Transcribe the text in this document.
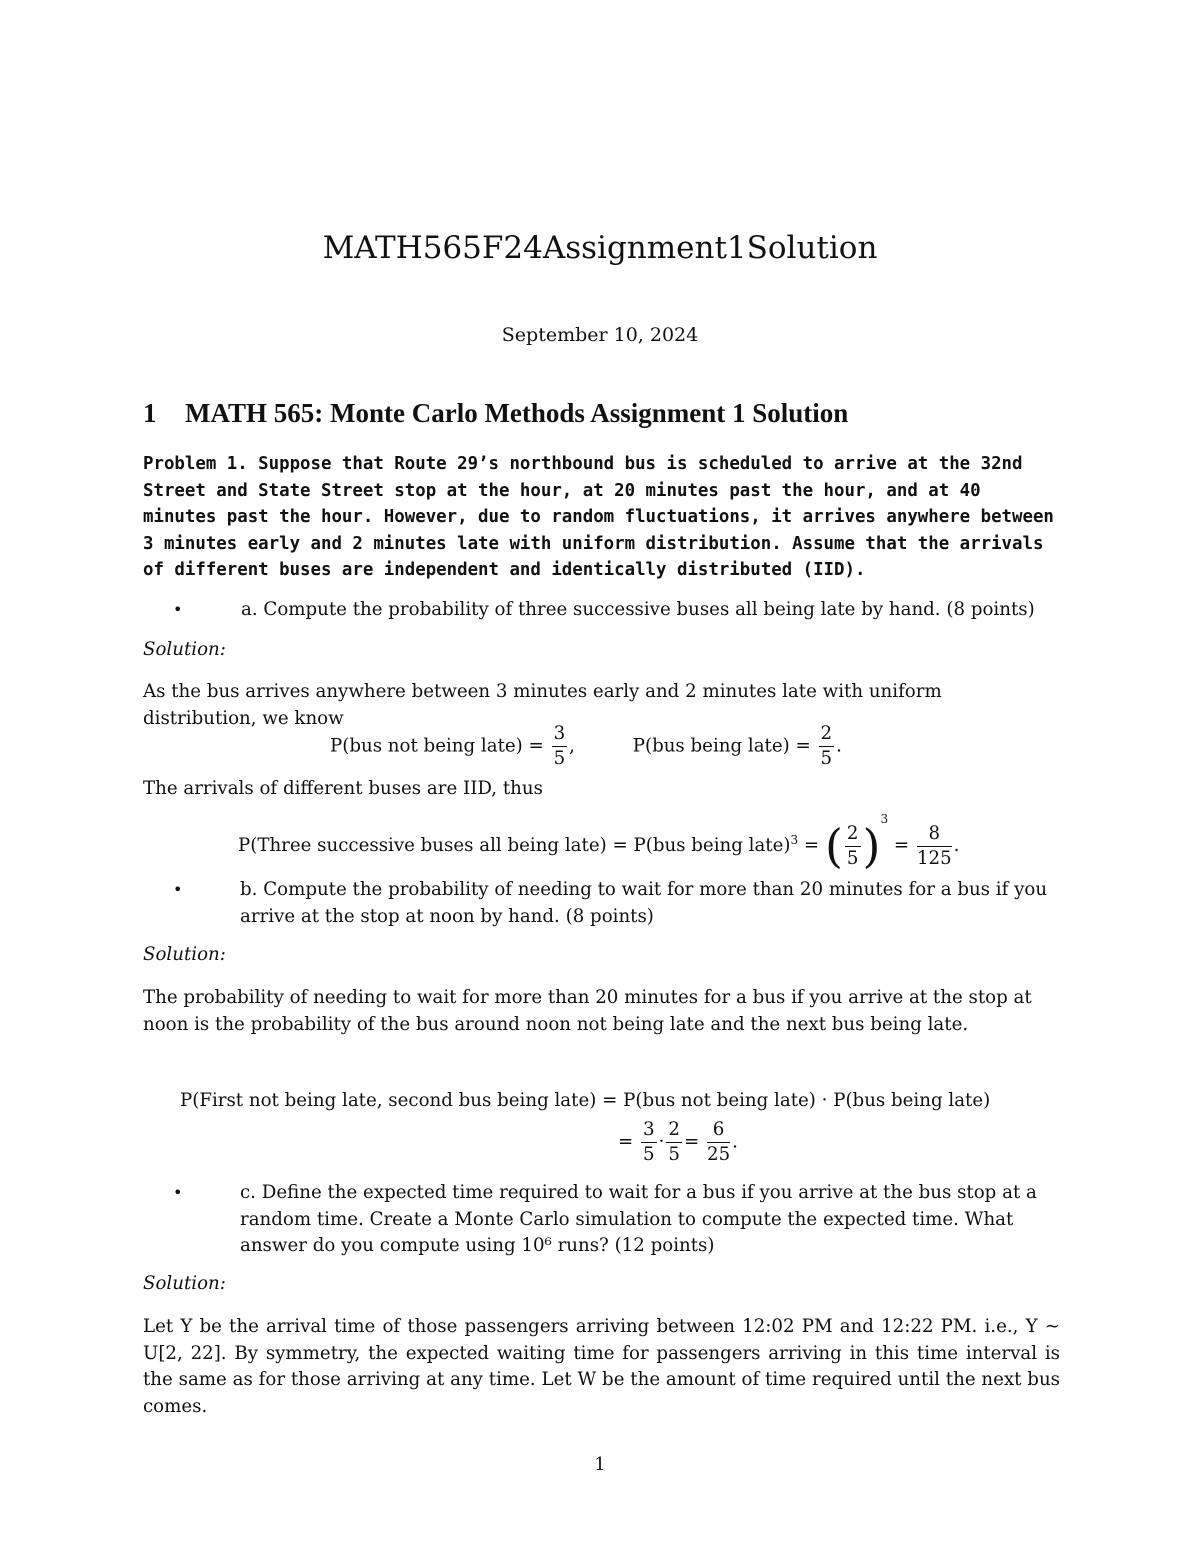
MATH565F24Assignment1Solution
September 10, 2024
1 MATH 565: Monte Carlo Methods Assignment 1 Solution
Problem 1. Suppose that Route 29’s northbound bus is scheduled to arrive at the 32nd Street and State Street stop at the hour, at 20 minutes past the hour, and at 40 minutes past the hour. However, due to random fluctuations, it arrives anywhere between 3 minutes early and 2 minutes late with uniform distribution. Assume that the arrivals of different buses are independent and identically distributed (IID).
•	a. Compute the probability of three successive buses all being late by hand. (8 points)
Solution:
As the bus arrives anywhere between 3 minutes early and 2 minutes late with uniform distribution, we know
P(bus not being late) = $\frac{3}{5}$ ,	P(bus being late) = $\frac{2}{5}$ .
The arrivals of different buses are IID, thus
P(Three successive buses all being late) = P(bus being late)$^3$ = ( $\frac{2}{5} )^3 = \frac{8}{125}$ .
•	b. Compute the probability of needing to wait for more than 20 minutes for a bus if you arrive at the stop at noon by hand. (8 points)
Solution:
The probability of needing to wait for more than 20 minutes for a bus if you arrive at the stop at noon is the probability of the bus around noon not being late and the next bus being late.
P(First not being late, second bus being late) = P(bus not being late) · P(bus being late)
= $\frac{3}{5} \cdot \frac{2}{5} = \frac{6}{25}$ .
•	c. Define the expected time required to wait for a bus if you arrive at the bus stop at a random time. Create a Monte Carlo simulation to compute the expected time. What answer do you compute using 10⁶ runs? (12 points)
Solution:
Let Y be the arrival time of those passengers arriving between 12:02 PM and 12:22 PM. i.e., Y ∼ U[2, 22]. By symmetry, the expected waiting time for passengers arriving in this time interval is the same as for those arriving at any time. Let W be the amount of time required until the next bus comes.
1
